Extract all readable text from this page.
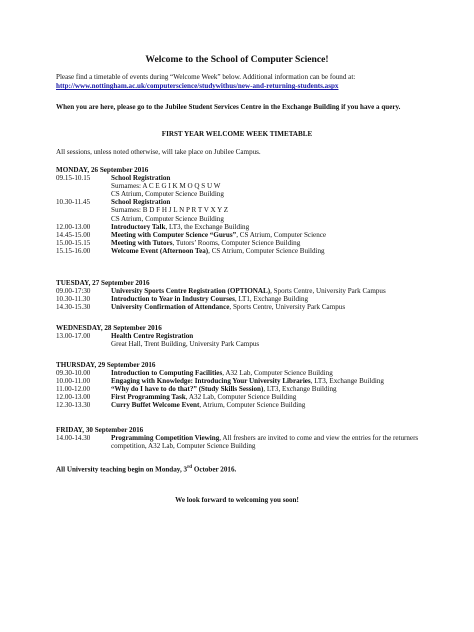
Welcome to the School of Computer Science!
Please find a timetable of events during “Welcome Week” below. Additional information can be found at:
http://www.nottingham.ac.uk/computerscience/studywithus/new-and-returning-students.aspx
When you are here, please go to the Jubilee Student Services Centre in the Exchange Building if you have a query.
FIRST YEAR WELCOME WEEK TIMETABLE
All sessions, unless noted otherwise, will take place on Jubilee Campus.
MONDAY, 26 September 2016
09.15-10.15	School Registration
Surnames: A C E G I K M O Q S U W
CS Atrium, Computer Science Building
10.30-11.45	School Registration
Surnames: B D F H J L N P R T V X Y Z
CS Atrium, Computer Science Building
12.00-13.00	Introductory Talk, LT3, the Exchange Building
14.45-15.00	Meeting with Computer Science “Gurus”, CS Atrium, Computer Science
15.00-15.15	Meeting with Tutors, Tutors’ Rooms, Computer Science Building
15.15-16.00	Welcome Event (Afternoon Tea), CS Atrium, Computer Science Building
TUESDAY, 27 September 2016
09.00-17:30	University Sports Centre Registration (OPTIONAL), Sports Centre, University Park Campus
10.30-11.30	Introduction to Year in Industry Courses, LT1, Exchange Building
14.30-15.30	University Confirmation of Attendance, Sports Centre, University Park Campus
WEDNESDAY, 28 September 2016
13.00-17.00	Health Centre Registration
Great Hall, Trent Building, University Park Campus
THURSDAY, 29 September 2016
09.30-10.00	Introduction to Computing Facilities, A32 Lab, Computer Science Building
10.00-11.00	Engaging with Knowledge: Introducing Your University Libraries, LT3, Exchange Building
11.00-12.00	“Why do I have to do that?” (Study Skills Session), LT3, Exchange Building
12.00-13.00	First Programming Task, A32 Lab, Computer Science Building
12.30-13.30	Curry Buffet Welcome Event, Atrium, Computer Science Building
FRIDAY, 30 September 2016
14.00-14.30	Programming Competition Viewing, All freshers are invited to come and view the entries for the returners competition, A32 Lab, Computer Science Building
All University teaching begin on Monday, 3rd October 2016.
We look forward to welcoming you soon!
